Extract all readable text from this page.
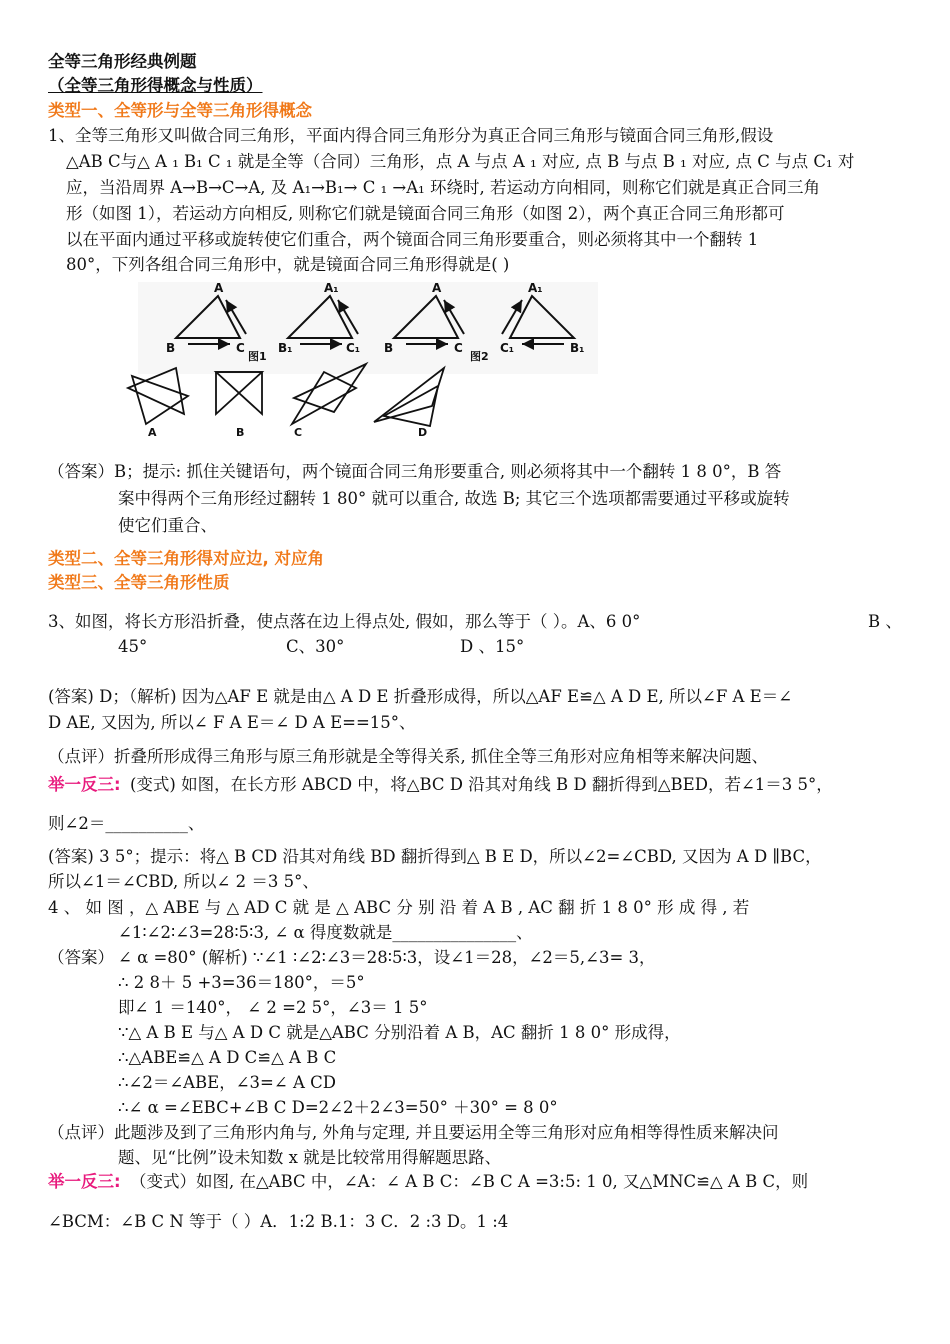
全等三角形经典例题
（全等三角形得概念与性质）
类型一、全等形与全等三角形得概念
1、全等三角形又叫做合同三角形，平面内得合同三角形分为真正合同三角形与镜面合同三角形,假设
△AB C与△ A ₁ B₁ C ₁ 就是全等（合同）三角形，点 A 与点 A ₁ 对应, 点 B 与点 B ₁ 对应, 点 C 与点 C₁ 对
应，当沿周界 A→B→C→A, 及 A₁→B₁→ C ₁ →A₁ 环绕时, 若运动方向相同，则称它们就是真正合同三角
形（如图 1），若运动方向相反, 则称它们就是镜面合同三角形（如图 2），两个真正合同三角形都可
以在平面内通过平移或旋转使它们重合，两个镜面合同三角形要重合，则必须将其中一个翻转 1
80°，下列各组合同三角形中，就是镜面合同三角形得就是( )
A
B	C
A₁
B₁	C₁
图1
A
B	C
图2
A₁
C₁	B₁
A	B	C	D
（答案）B；提示: 抓住关键语句，两个镜面合同三角形要重合, 则必须将其中一个翻转 1 8 0°，B 答
案中得两个三角形经过翻转 1 80° 就可以重合, 故选 B; 其它三个选项都需要通过平移或旋转
使它们重合、
类型二、全等三角形得对应边, 对应角
类型三、全等三角形性质
3、如图，将长方形沿折叠，使点落在边上得点处, 假如，那么等于（ ）。A、6 0°	B 、
45°	C、30°	D 、15°
(答案) D；（解析) 因为△AF E 就是由△ A D E 折叠形成得，所以△AF E≌△ A D E, 所以∠F A E＝∠
D AE, 又因为, 所以∠ F A E＝∠ D A E==15°、
（点评）折叠所形成得三角形与原三角形就是全等得关系, 抓住全等三角形对应角相等来解决问题、
举一反三: (变式) 如图，在长方形 ABCD 中，将△BC D 沿其对角线 B D 翻折得到△BED，若∠1＝3 5°，
则∠2＝__________、
(答案) 3 5°；提示：将△ B CD 沿其对角线 BD 翻折得到△ B E D，所以∠2=∠CBD, 又因为 A D ∥BC，
所以∠1＝∠CBD, 所以∠ 2 ＝3 5°、
4 、 如 图 ，△ ABE 与 △ AD C 就 是 △ ABC 分 别 沿 着 A B , AC 翻 折 1 8 0° 形 成 得 , 若
∠1∶∠2∶∠3=28∶5∶3, ∠ α 得度数就是_______________、
（答案） ∠ α =80° (解析) ∵∠1 ∶∠2∶∠3＝28∶5∶3，设∠1＝28，∠2＝5,∠3= 3，
∴ 2 8＋ 5 +3=36＝180°，＝5°
即∠ 1 ＝140°， ∠ 2 =2 5°，∠3＝ 1 5°
∵△ A B E 与△ A D C 就是△ABC 分别沿着 A B，AC 翻折 1 8 0° 形成得，
∴△ABE≌△ A D C≌△ A B C
∴∠2＝∠ABE，∠3=∠ A CD
∴∠ α =∠EBC+∠B C D=2∠2＋2∠3=50° ＋30° = 8 0°
（点评）此题涉及到了三角形内角与, 外角与定理, 并且要运用全等三角形对应角相等得性质来解决问
题、见“比例”设未知数 x 就是比较常用得解题思路、
举一反三: （变式）如图, 在△ABC 中，∠A：∠ A B C：∠B C A =3:5: 1 0, 又△MNC≌△ A B C，则
∠BCM：∠B C N 等于（ ）A．1:2 B.1：3 C．2 :3 D。1 :4
